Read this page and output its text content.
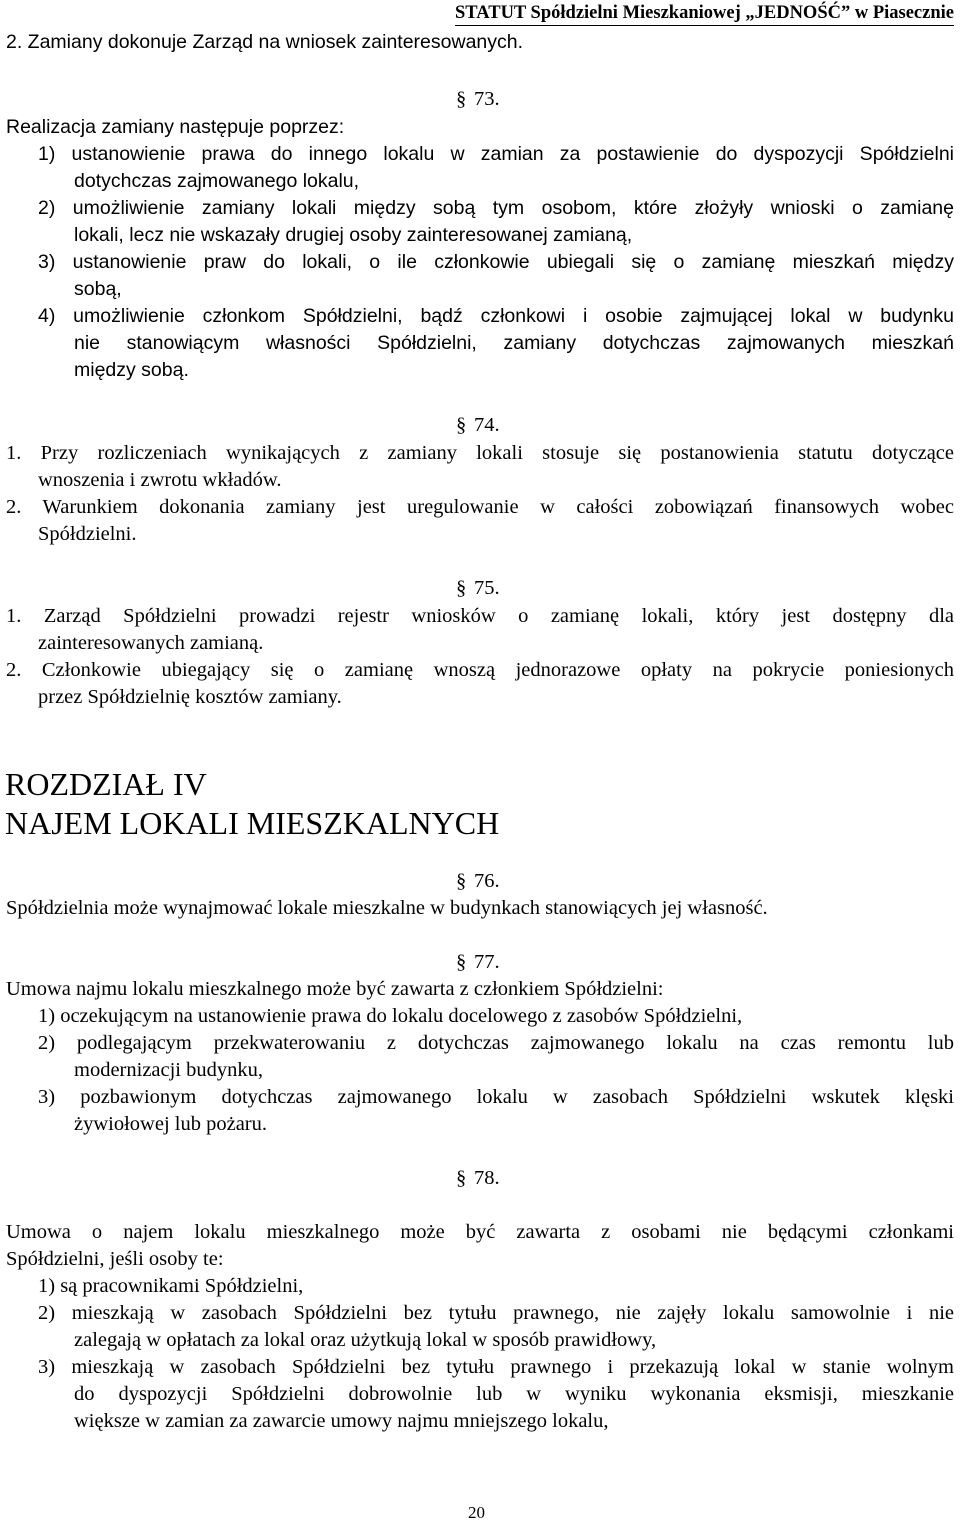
STATUT Spółdzielni Mieszkaniowej „JEDNOŚĆ” w Piasecznie
2. Zamiany dokonuje Zarząd na wniosek zainteresowanych.
§ 73.
Realizacja zamiany następuje poprzez:
1) ustanowienie prawa do innego lokalu w zamian za postawienie do dyspozycji Spółdzielni
dotychczas zajmowanego lokalu,
2) umożliwienie zamiany lokali między sobą tym osobom, które złożyły wnioski o zamianę
lokali, lecz nie wskazały drugiej osoby zainteresowanej zamianą,
3) ustanowienie praw do lokali, o ile członkowie ubiegali się o zamianę mieszkań między
sobą,
4) umożliwienie członkom Spółdzielni, bądź członkowi i osobie zajmującej lokal w budynku
nie stanowiącym własności Spółdzielni, zamiany dotychczas zajmowanych mieszkań
między sobą.
§ 74.
1. Przy rozliczeniach wynikających z zamiany lokali stosuje się postanowienia statutu dotyczące
wnoszenia i zwrotu wkładów.
2. Warunkiem dokonania zamiany jest uregulowanie w całości zobowiązań finansowych wobec
Spółdzielni.
§ 75.
1. Zarząd Spółdzielni prowadzi rejestr wniosków o zamianę lokali, który jest dostępny dla
zainteresowanych zamianą.
2. Członkowie ubiegający się o zamianę wnoszą jednorazowe opłaty na pokrycie poniesionych
przez Spółdzielnię kosztów zamiany.
ROZDZIAŁ IV
NAJEM LOKALI MIESZKALNYCH
§ 76.
Spółdzielnia może wynajmować lokale mieszkalne w budynkach stanowiących jej własność.
§ 77.
Umowa najmu lokalu mieszkalnego może być zawarta z członkiem Spółdzielni:
1) oczekującym na ustanowienie prawa do lokalu docelowego z zasobów Spółdzielni,
2) podlegającym przekwaterowaniu z dotychczas zajmowanego lokalu na czas remontu lub
modernizacji budynku,
3) pozbawionym dotychczas zajmowanego lokalu w zasobach Spółdzielni wskutek klęski
żywiołowej lub pożaru.
§ 78.
Umowa o najem lokalu mieszkalnego może być zawarta z osobami nie będącymi członkami
Spółdzielni, jeśli osoby te:
1) są pracownikami Spółdzielni,
2) mieszkają w zasobach Spółdzielni bez tytułu prawnego, nie zajęły lokalu samowolnie i nie
zalegają w opłatach za lokal oraz użytkują lokal w sposób prawidłowy,
3) mieszkają w zasobach Spółdzielni bez tytułu prawnego i przekazują lokal w stanie wolnym
do dyspozycji Spółdzielni dobrowolnie lub w wyniku wykonania eksmisji, mieszkanie
większe w zamian za zawarcie umowy najmu mniejszego lokalu,
20
